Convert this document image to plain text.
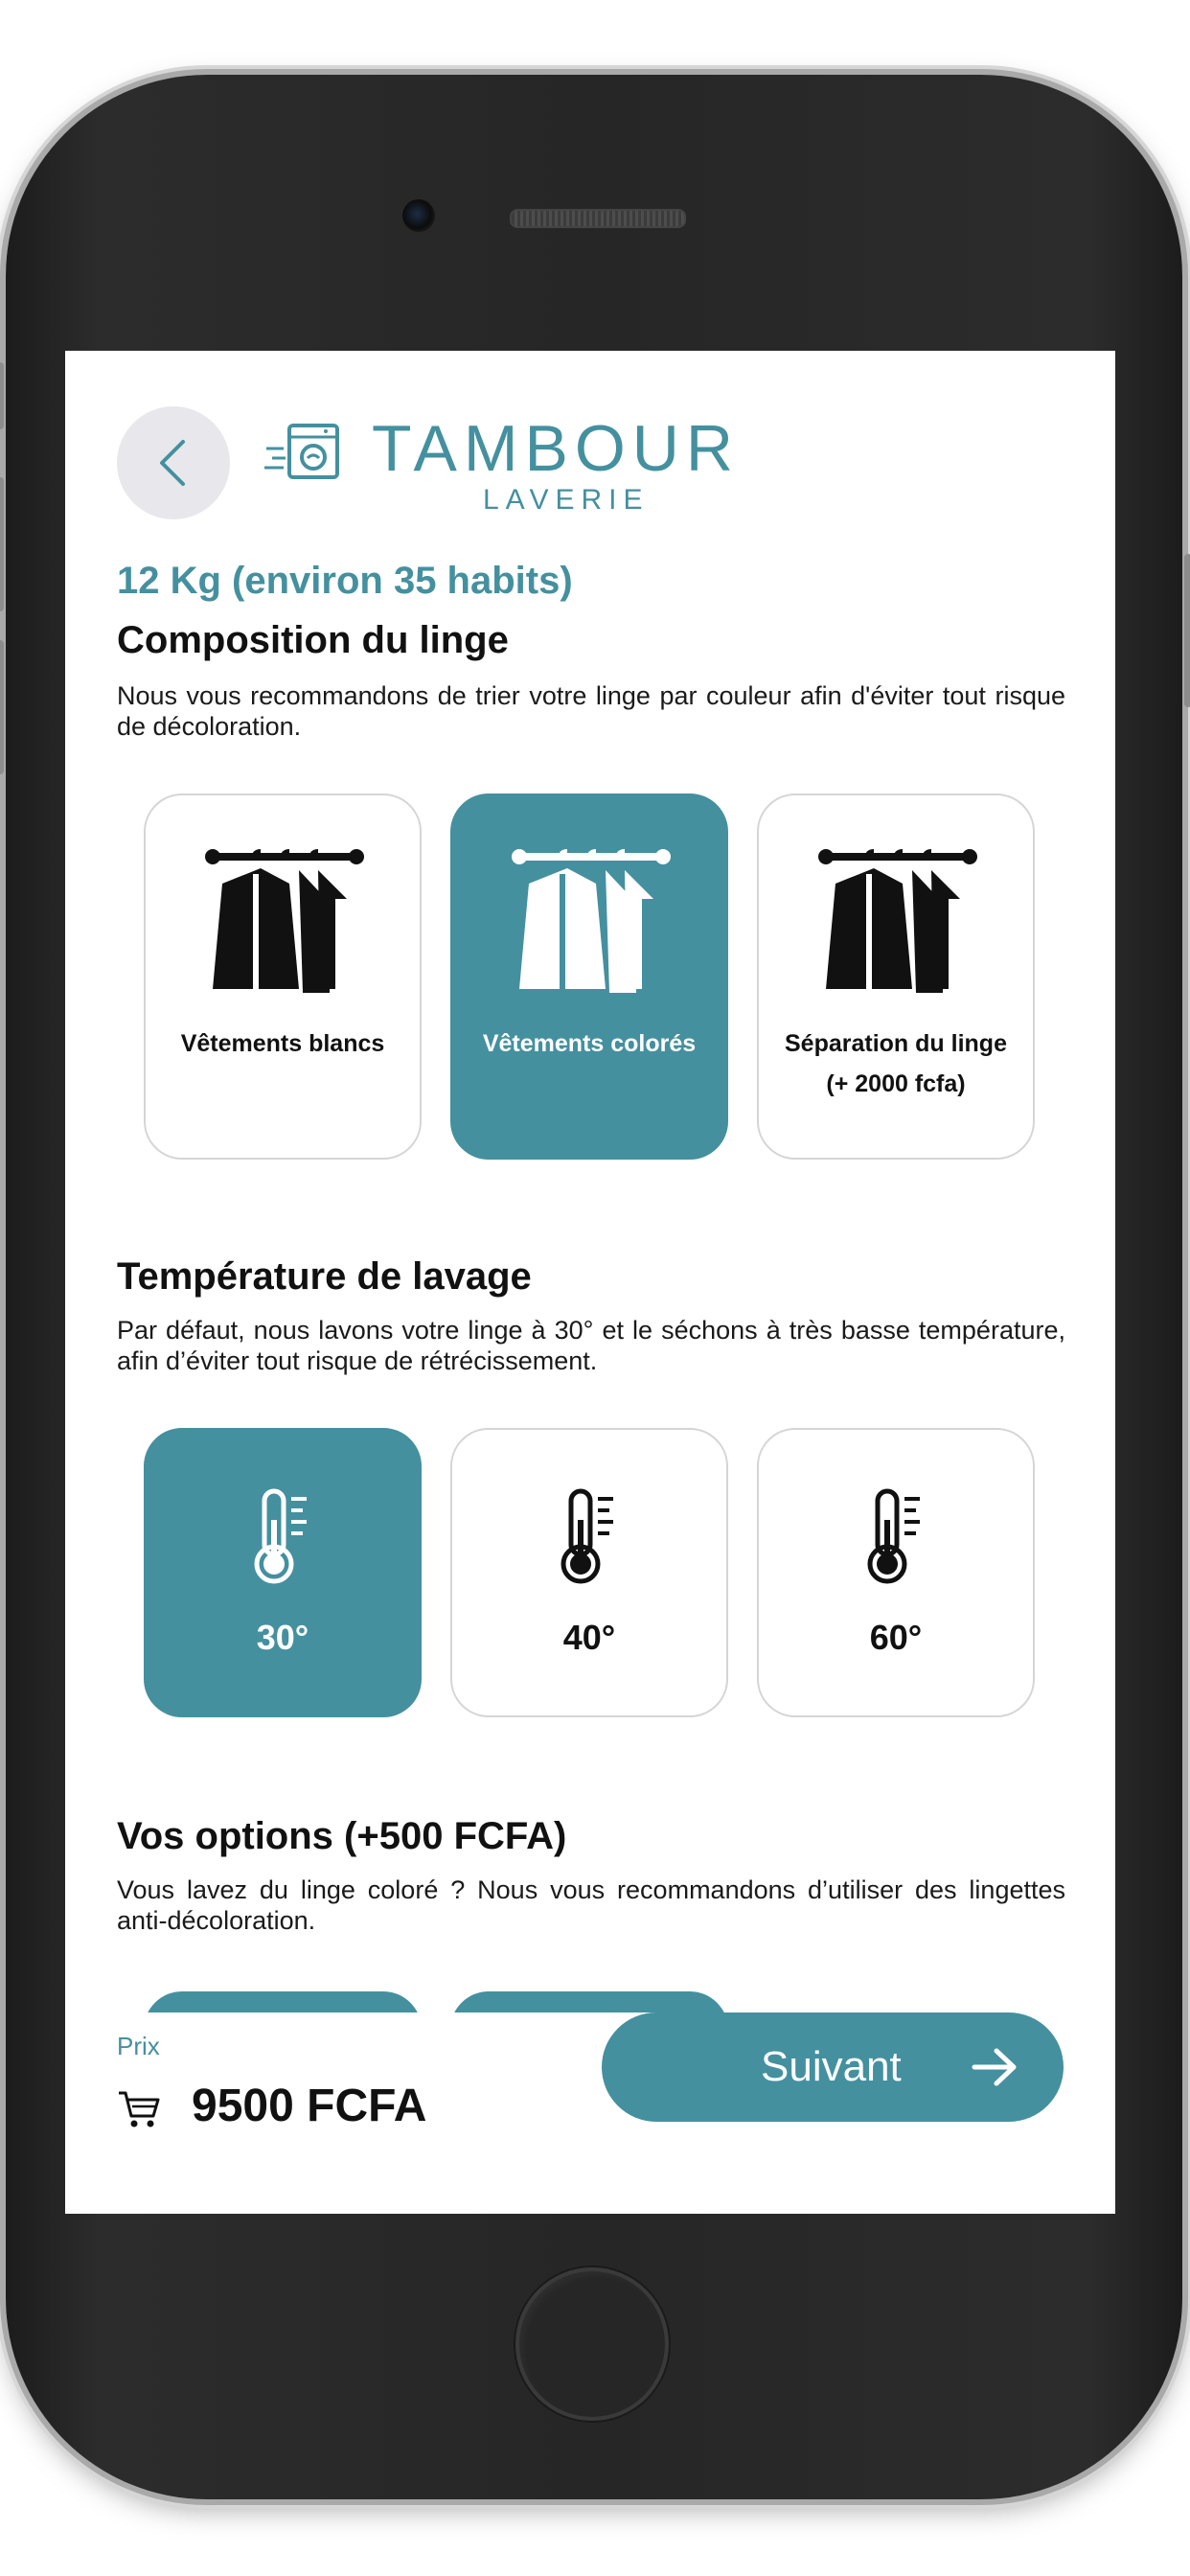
TAMBOUR
LAVERIE
12 Kg (environ 35 habits)
Composition du linge
Nous vous recommandons de trier votre linge par couleur afin d'éviter tout risque de décoloration.
Vêtements blancs	Vêtements colorés	Séparation du linge
(+ 2000 fcfa)
Température de lavage
Par défaut, nous lavons votre linge à 30° et le séchons à très basse température, afin d’éviter tout risque de rétrécissement.
30°	40°	60°
Vos options (+500 FCFA)
Vous lavez du linge coloré ? Nous vous recommandons d’utiliser des lingettes anti-décoloration.
Prix
9500 FCFA
Suivant
